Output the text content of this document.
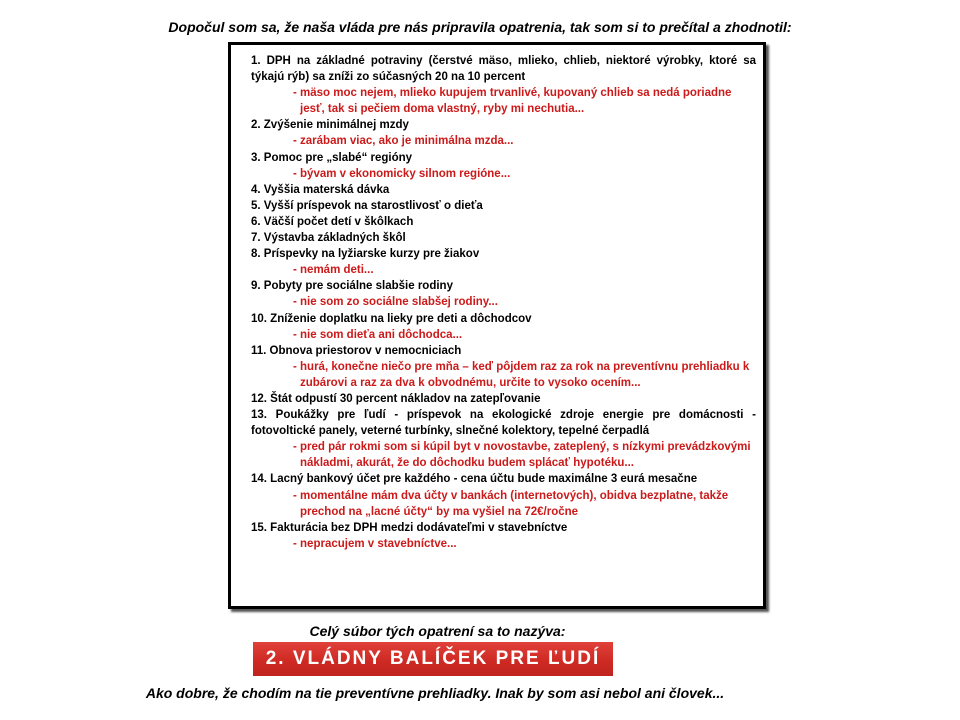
Dopočul som sa, že naša vláda pre nás pripravila opatrenia, tak som si to prečítal a zhodnotil:
1. DPH na základné potraviny (čerstvé mäso, mlieko, chlieb, niektoré výrobky, ktoré sa týkajú rýb) sa zníži zo súčasných 20 na 10 percent
- mäso moc nejem, mlieko kupujem trvanlivé, kupovaný chlieb sa nedá poriadne jesť, tak si pečiem doma vlastný, ryby mi nechutia...
2. Zvýšenie minimálnej mzdy
- zarábam viac, ako je minimálna mzda...
3. Pomoc pre „slabé“ regióny
- bývam v ekonomicky silnom regióne...
4. Vyššia materská dávka
5. Vyšší príspevok na starostlivosť o dieťa
6. Väčší počet detí v škôlkach
7. Výstavba základných škôl
8. Príspevky na lyžiarske kurzy pre žiakov
- nemám deti...
9. Pobyty pre sociálne slabšie rodiny
- nie som zo sociálne slabšej rodiny...
10. Zníženie doplatku na lieky pre deti a dôchodcov
- nie som dieťa ani dôchodca...
11. Obnova priestorov v nemocniciach
- hurá, konečne niečo pre mňa – keď pôjdem raz za rok na preventívnu prehliadku k zubárovi a raz za dva k obvodnému, určite to vysoko ocením...
12. Štát odpustí 30 percent nákladov na zatepľovanie
13. Poukážky pre ľudí - príspevok na ekologické zdroje energie pre domácnosti - fotovoltické panely, veterné turbínky, slnečné kolektory, tepelné čerpadlá
- pred pár rokmi som si kúpil byt v novostavbe, zateplený, s nízkymi prevádzkovými nákladmi, akurát, že do dôchodku budem splácať hypotéku...
14. Lacný bankový účet pre každého - cena účtu bude maximálne 3 eurá mesačne
- momentálne mám dva účty v bankách (internetových), obidva bezplatne, takže prechod na „lacné účty“ by ma vyšiel na 72€/ročne
15. Fakturácia bez DPH medzi dodávateľmi v stavebníctve
- nepracujem v stavebníctve...
Celý súbor tých opatrení sa to nazýva:
2. VLÁDNY BALÍČEK PRE ĽUDÍ
Ako dobre, že chodím na tie preventívne prehliadky. Inak by som asi nebol ani človek...
